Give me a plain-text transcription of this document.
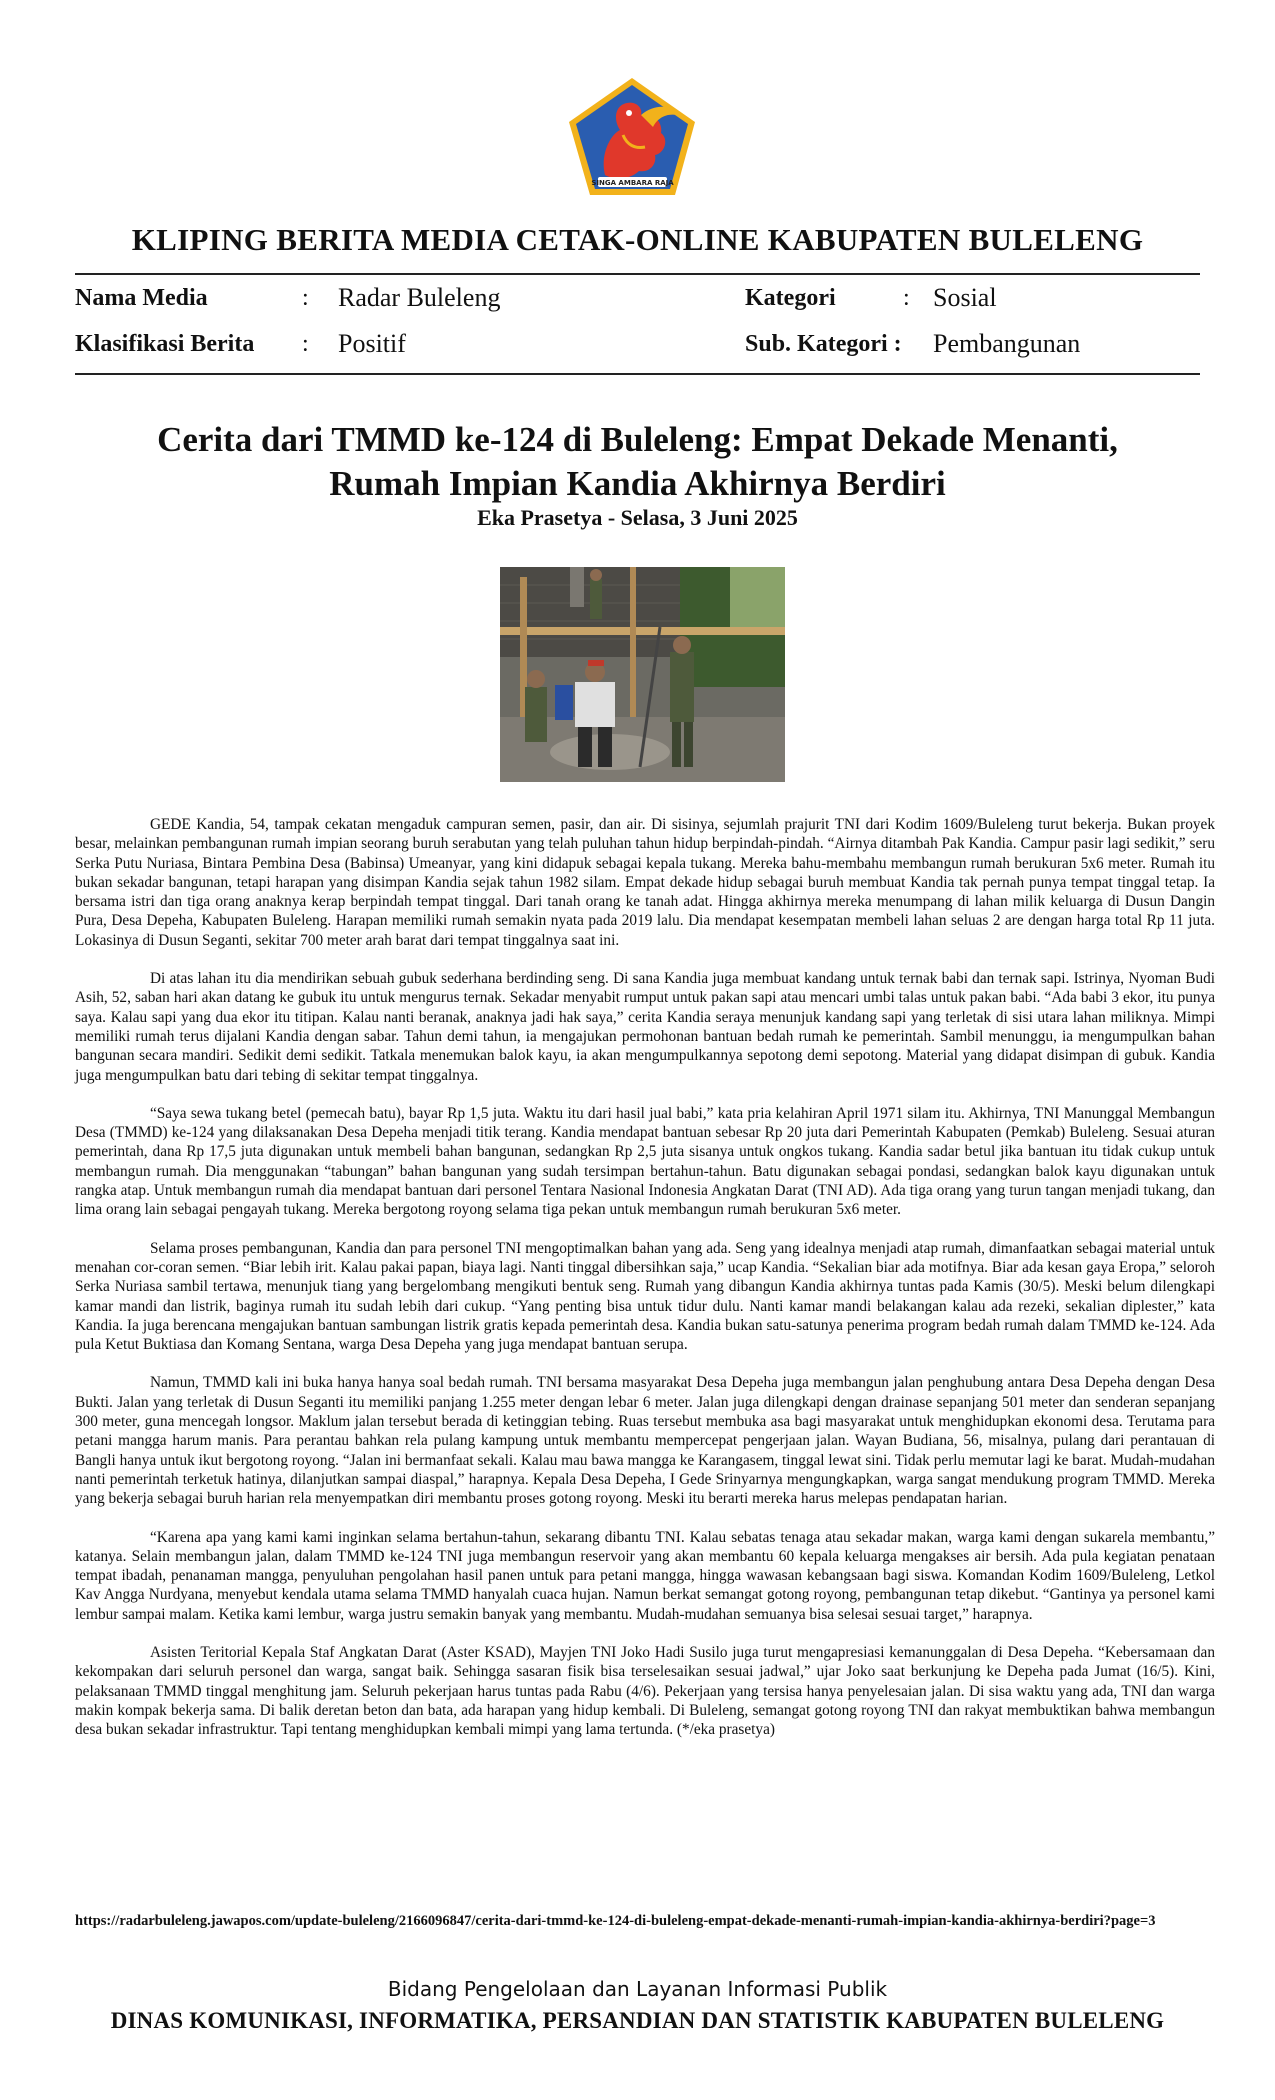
SINGA AMBARA RAJA
KLIPING BERITA MEDIA CETAK-ONLINE KABUPATEN BULELENG
Nama Media	: Radar Buleleng	Kategori	: Sosial
Klasifikasi Berita : Positif	Sub. Kategori : Pembangunan
Cerita dari TMMD ke-124 di Buleleng: Empat Dekade Menanti,
Rumah Impian Kandia Akhirnya Berdiri
Eka Prasetya - Selasa, 3 Juni 2025

GEDE Kandia, 54, tampak cekatan mengaduk campuran semen, pasir, dan air. Di sisinya, sejumlah prajurit TNI dari Kodim 1609/Buleleng turut bekerja. Bukan proyek besar, melainkan pembangunan rumah impian seorang buruh serabutan yang telah puluhan tahun hidup berpindah-pindah. “Airnya ditambah Pak Kandia. Campur pasir lagi sedikit,” seru Serka Putu Nuriasa, Bintara Pembina Desa (Babinsa) Umeanyar, yang kini didapuk sebagai kepala tukang. Mereka bahu-membahu membangun rumah berukuran 5x6 meter. Rumah itu bukan sekadar bangunan, tetapi harapan yang disimpan Kandia sejak tahun 1982 silam. Empat dekade hidup sebagai buruh membuat Kandia tak pernah punya tempat tinggal tetap. Ia bersama istri dan tiga orang anaknya kerap berpindah tempat tinggal. Dari tanah orang ke tanah adat. Hingga akhirnya mereka menumpang di lahan milik keluarga di Dusun Dangin Pura, Desa Depeha, Kabupaten Buleleng. Harapan memiliki rumah semakin nyata pada 2019 lalu. Dia mendapat kesempatan membeli lahan seluas 2 are dengan harga total Rp 11 juta. Lokasinya di Dusun Seganti, sekitar 700 meter arah barat dari tempat tinggalnya saat ini.

Di atas lahan itu dia mendirikan sebuah gubuk sederhana berdinding seng. Di sana Kandia juga membuat kandang untuk ternak babi dan ternak sapi. Istrinya, Nyoman Budi Asih, 52, saban hari akan datang ke gubuk itu untuk mengurus ternak. Sekadar menyabit rumput untuk pakan sapi atau mencari umbi talas untuk pakan babi. “Ada babi 3 ekor, itu punya saya. Kalau sapi yang dua ekor itu titipan. Kalau nanti beranak, anaknya jadi hak saya,” cerita Kandia seraya menunjuk kandang sapi yang terletak di sisi utara lahan miliknya. Mimpi memiliki rumah terus dijalani Kandia dengan sabar. Tahun demi tahun, ia mengajukan permohonan bantuan bedah rumah ke pemerintah. Sambil menunggu, ia mengumpulkan bahan bangunan secara mandiri. Sedikit demi sedikit. Tatkala menemukan balok kayu, ia akan mengumpulkannya sepotong demi sepotong. Material yang didapat disimpan di gubuk. Kandia juga mengumpulkan batu dari tebing di sekitar tempat tinggalnya.

“Saya sewa tukang betel (pemecah batu), bayar Rp 1,5 juta. Waktu itu dari hasil jual babi,” kata pria kelahiran April 1971 silam itu. Akhirnya, TNI Manunggal Membangun Desa (TMMD) ke-124 yang dilaksanakan Desa Depeha menjadi titik terang. Kandia mendapat bantuan sebesar Rp 20 juta dari Pemerintah Kabupaten (Pemkab) Buleleng. Sesuai aturan pemerintah, dana Rp 17,5 juta digunakan untuk membeli bahan bangunan, sedangkan Rp 2,5 juta sisanya untuk ongkos tukang. Kandia sadar betul jika bantuan itu tidak cukup untuk membangun rumah. Dia menggunakan “tabungan” bahan bangunan yang sudah tersimpan bertahun-tahun. Batu digunakan sebagai pondasi, sedangkan balok kayu digunakan untuk rangka atap. Untuk membangun rumah dia mendapat bantuan dari personel Tentara Nasional Indonesia Angkatan Darat (TNI AD). Ada tiga orang yang turun tangan menjadi tukang, dan lima orang lain sebagai pengayah tukang. Mereka bergotong royong selama tiga pekan untuk membangun rumah berukuran 5x6 meter.

Selama proses pembangunan, Kandia dan para personel TNI mengoptimalkan bahan yang ada. Seng yang idealnya menjadi atap rumah, dimanfaatkan sebagai material untuk menahan cor-coran semen. “Biar lebih irit. Kalau pakai papan, biaya lagi. Nanti tinggal dibersihkan saja,” ucap Kandia. “Sekalian biar ada motifnya. Biar ada kesan gaya Eropa,” seloroh Serka Nuriasa sambil tertawa, menunjuk tiang yang bergelombang mengikuti bentuk seng. Rumah yang dibangun Kandia akhirnya tuntas pada Kamis (30/5). Meski belum dilengkapi kamar mandi dan listrik, baginya rumah itu sudah lebih dari cukup. “Yang penting bisa untuk tidur dulu. Nanti kamar mandi belakangan kalau ada rezeki, sekalian diplester,” kata Kandia. Ia juga berencana mengajukan bantuan sambungan listrik gratis kepada pemerintah desa. Kandia bukan satu-satunya penerima program bedah rumah dalam TMMD ke-124. Ada pula Ketut Buktiasa dan Komang Sentana, warga Desa Depeha yang juga mendapat bantuan serupa.

Namun, TMMD kali ini buka hanya hanya soal bedah rumah. TNI bersama masyarakat Desa Depeha juga membangun jalan penghubung antara Desa Depeha dengan Desa Bukti. Jalan yang terletak di Dusun Seganti itu memiliki panjang 1.255 meter dengan lebar 6 meter. Jalan juga dilengkapi dengan drainase sepanjang 501 meter dan senderan sepanjang 300 meter, guna mencegah longsor. Maklum jalan tersebut berada di ketinggian tebing. Ruas tersebut membuka asa bagi masyarakat untuk menghidupkan ekonomi desa. Terutama para petani mangga harum manis. Para perantau bahkan rela pulang kampung untuk membantu mempercepat pengerjaan jalan. Wayan Budiana, 56, misalnya, pulang dari perantauan di Bangli hanya untuk ikut bergotong royong. “Jalan ini bermanfaat sekali. Kalau mau bawa mangga ke Karangasem, tinggal lewat sini. Tidak perlu memutar lagi ke barat. Mudah-mudahan nanti pemerintah terketuk hatinya, dilanjutkan sampai diaspal,” harapnya. Kepala Desa Depeha, I Gede Srinyarnya mengungkapkan, warga sangat mendukung program TMMD. Mereka yang bekerja sebagai buruh harian rela menyempatkan diri membantu proses gotong royong. Meski itu berarti mereka harus melepas pendapatan harian.

“Karena apa yang kami kami inginkan selama bertahun-tahun, sekarang dibantu TNI. Kalau sebatas tenaga atau sekadar makan, warga kami dengan sukarela membantu,” katanya. Selain membangun jalan, dalam TMMD ke-124 TNI juga membangun reservoir yang akan membantu 60 kepala keluarga mengakses air bersih. Ada pula kegiatan penataan tempat ibadah, penanaman mangga, penyuluhan pengolahan hasil panen untuk para petani mangga, hingga wawasan kebangsaan bagi siswa. Komandan Kodim 1609/Buleleng, Letkol Kav Angga Nurdyana, menyebut kendala utama selama TMMD hanyalah cuaca hujan. Namun berkat semangat gotong royong, pembangunan tetap dikebut. “Gantinya ya personel kami lembur sampai malam. Ketika kami lembur, warga justru semakin banyak yang membantu. Mudah-mudahan semuanya bisa selesai sesuai target,” harapnya.

Asisten Teritorial Kepala Staf Angkatan Darat (Aster KSAD), Mayjen TNI Joko Hadi Susilo juga turut mengapresiasi kemanunggalan di Desa Depeha. “Kebersamaan dan kekompakan dari seluruh personel dan warga, sangat baik. Sehingga sasaran fisik bisa terselesaikan sesuai jadwal,” ujar Joko saat berkunjung ke Depeha pada Jumat (16/5). Kini, pelaksanaan TMMD tinggal menghitung jam. Seluruh pekerjaan harus tuntas pada Rabu (4/6). Pekerjaan yang tersisa hanya penyelesaian jalan. Di sisa waktu yang ada, TNI dan warga makin kompak bekerja sama. Di balik deretan beton dan bata, ada harapan yang hidup kembali. Di Buleleng, semangat gotong royong TNI dan rakyat membuktikan bahwa membangun desa bukan sekadar infrastruktur. Tapi tentang menghidupkan kembali mimpi yang lama tertunda. (*/eka prasetya)

https://radarbuleleng.jawapos.com/update-buleleng/2166096847/cerita-dari-tmmd-ke-124-di-buleleng-empat-dekade-menanti-rumah-impian-kandia-akhirnya-berdiri?page=3
Bidang Pengelolaan dan Layanan Informasi Publik
DINAS KOMUNIKASI, INFORMATIKA, PERSANDIAN DAN STATISTIK KABUPATEN BULELENG
